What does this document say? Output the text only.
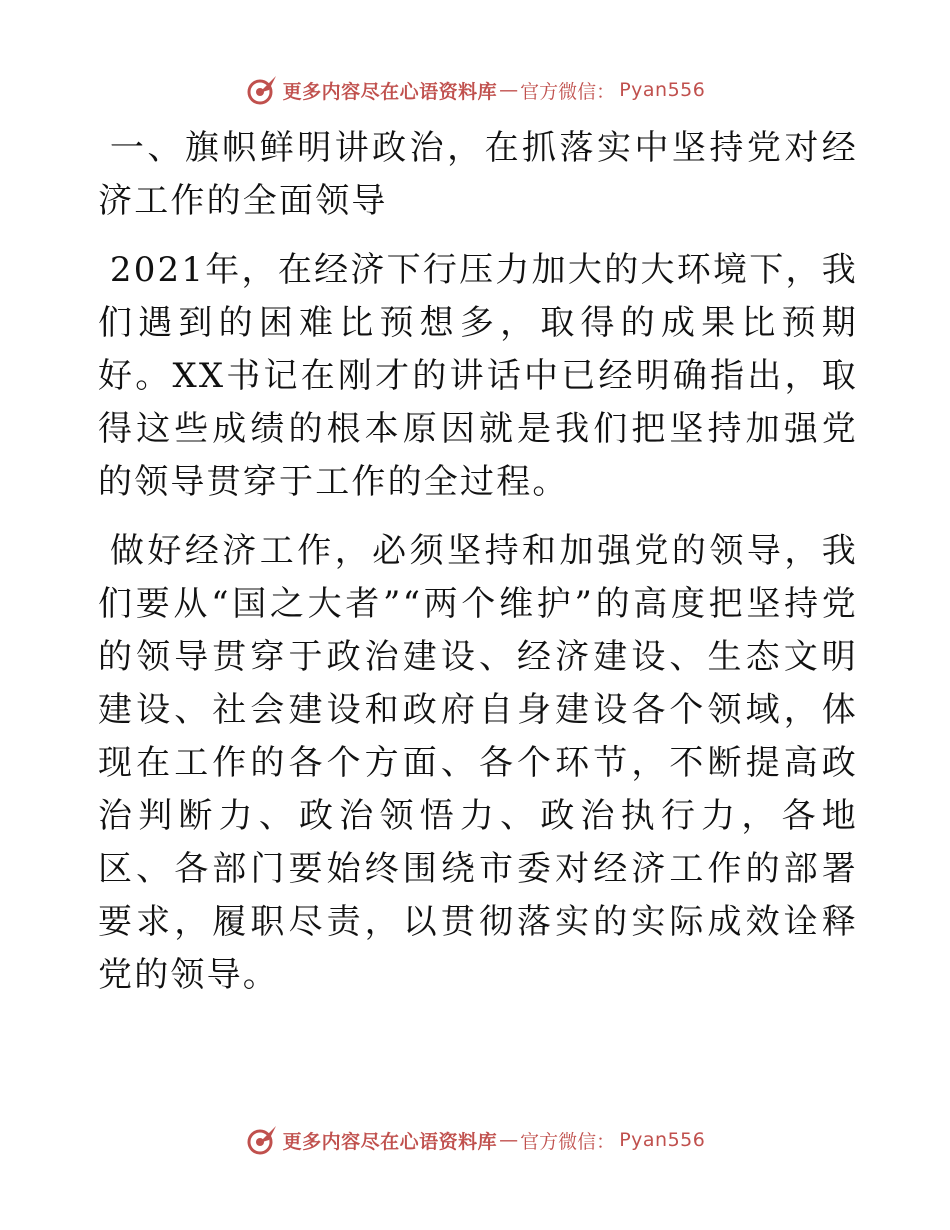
更多内容尽在心语资料库 — 官方微信： Pyan556

一、旗帜鲜明讲政治，在抓落实中坚持党对经济工作的全面领导

2021年，在经济下行压力加大的大环境下，我们遇到的困难比预想多，取得的成果比预期好。XX书记在刚才的讲话中已经明确指出，取得这些成绩的根本原因就是我们把坚持加强党的领导贯穿于工作的全过程。

做好经济工作，必须坚持和加强党的领导，我们要从“国之大者”“两个维护”的高度把坚持党的领导贯穿于政治建设、经济建设、生态文明建设、社会建设和政府自身建设各个领域，体现在工作的各个方面、各个环节，不断提高政治判断力、政治领悟力、政治执行力，各地区、各部门要始终围绕市委对经济工作的部署要求，履职尽责，以贯彻落实的实际成效诠释党的领导。

更多内容尽在心语资料库 — 官方微信： Pyan556
